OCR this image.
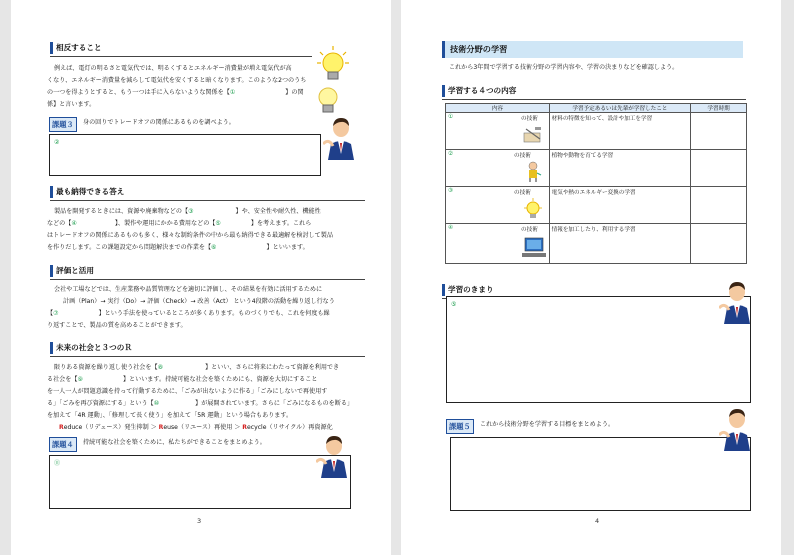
相反すること
例えば、電灯の明るさと電気代では、明るくするとエネルギー消費量が増え電気代が高
くなり、エネルギー消費量を減らして電気代を安くすると暗くなります。このような2つのうち
の一つを得ようとすると、もう一つは手に入らないような関係を【①	】の関
係】と言います。
課題３	身の回りでトレードオフの関係にあるものを調べよう。
②
最も納得できる答え
製品を開発するときには、資源や廃棄物などの【③	】や、安全性や耐久性、機能性
などの【④	】、製作や運用にかかる費用などの【⑤	】を考えます。これら
はトレードオフの関係にあるものも多く、様々な制約条件の中から最も納得できる最適解を検討して製品
を作りだします。この課題設定から問題解決までの作業を【⑥	】といいます。
評価と活用
会社や工場などでは、生産業務や品質管理などを適切に評価し、その結果を有効に活用するために
計画（Plan）→ 実行（Do）→ 評価（Check）→ 改善（Act） という4段階の活動を繰り返し行なう
【⑦	】という手法を使っているところが多くあります。ものづくりでも、これを何度も繰
り返すことで、製品の質を高めることができます。
未来の社会と３つのＲ
限りある資源を繰り返し使う社会を【⑧	】といい、さらに将来にわたって資源を利用でき
る社会を【⑨	】といいます。持続可能な社会を築くためにも、資源を大切にすること
を一人一人が問題意識を持って行動するために、「ごみが出ないように作る」「ごみにしないで再使用す
る」「ごみを再び資源にする」という【⑩	】が展開されています。さらに「ごみになるものを断る」
を加えて「4R 運動」、「修理して長く使う」を加えて「5R 運動」という場合もあります。
Reduce（リデュース）発生抑制 ＞ Reuse（リユース）再使用 ＞ Recycle（リサイクル）再資源化
課題４	持続可能な社会を築くために、私たちができることをまとめよう。
⑪
3
技術分野の学習
これから3年間で学習する技術分野の学習内容や、学習の決まりなどを確認しよう。
学習する４つの内容
内容	学習予定あるいは先輩が学習したこと	学習時期
① の技術	材料の特徴を知って、設計や加工を学習	
② の技術	植物や動物を育てる学習	
③ の技術	電気や熱のエネルギー変換の学習	
④ の技術	情報を加工したり、利用する学習	
学習のきまり
⑤
課題５	これから技術分野を学習する目標をまとめよう。
4
